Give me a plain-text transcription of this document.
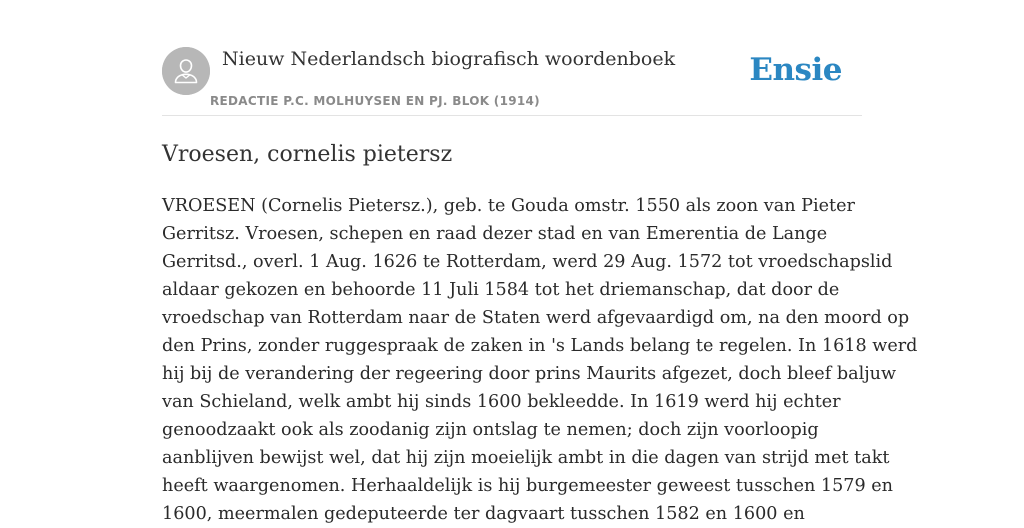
Nieuw Nederlandsch biografisch woordenboek
REDACTIE P.C. MOLHUYSEN EN PJ. BLOK (1914)
Ensie
Vroesen, cornelis pietersz
VROESEN (Cornelis Pietersz.), geb. te Gouda omstr. 1550 als zoon van Pieter
Gerritsz. Vroesen, schepen en raad dezer stad en van Emerentia de Lange
Gerritsd., overl. 1 Aug. 1626 te Rotterdam, werd 29 Aug. 1572 tot vroedschapslid
aldaar gekozen en behoorde 11 Juli 1584 tot het driemanschap, dat door de
vroedschap van Rotterdam naar de Staten werd afgevaardigd om, na den moord op
den Prins, zonder ruggespraak de zaken in 's Lands belang te regelen. In 1618 werd
hij bij de verandering der regeering door prins Maurits afgezet, doch bleef baljuw
van Schieland, welk ambt hij sinds 1600 bekleedde. In 1619 werd hij echter
genoodzaakt ook als zoodanig zijn ontslag te nemen; doch zijn voorloopig
aanblijven bewijst wel, dat hij zijn moeielijk ambt in die dagen van strijd met takt
heeft waargenomen. Herhaaldelijk is hij burgemeester geweest tusschen 1579 en
1600, meermalen gedeputeerde ter dagvaart tusschen 1582 en 1600 en
